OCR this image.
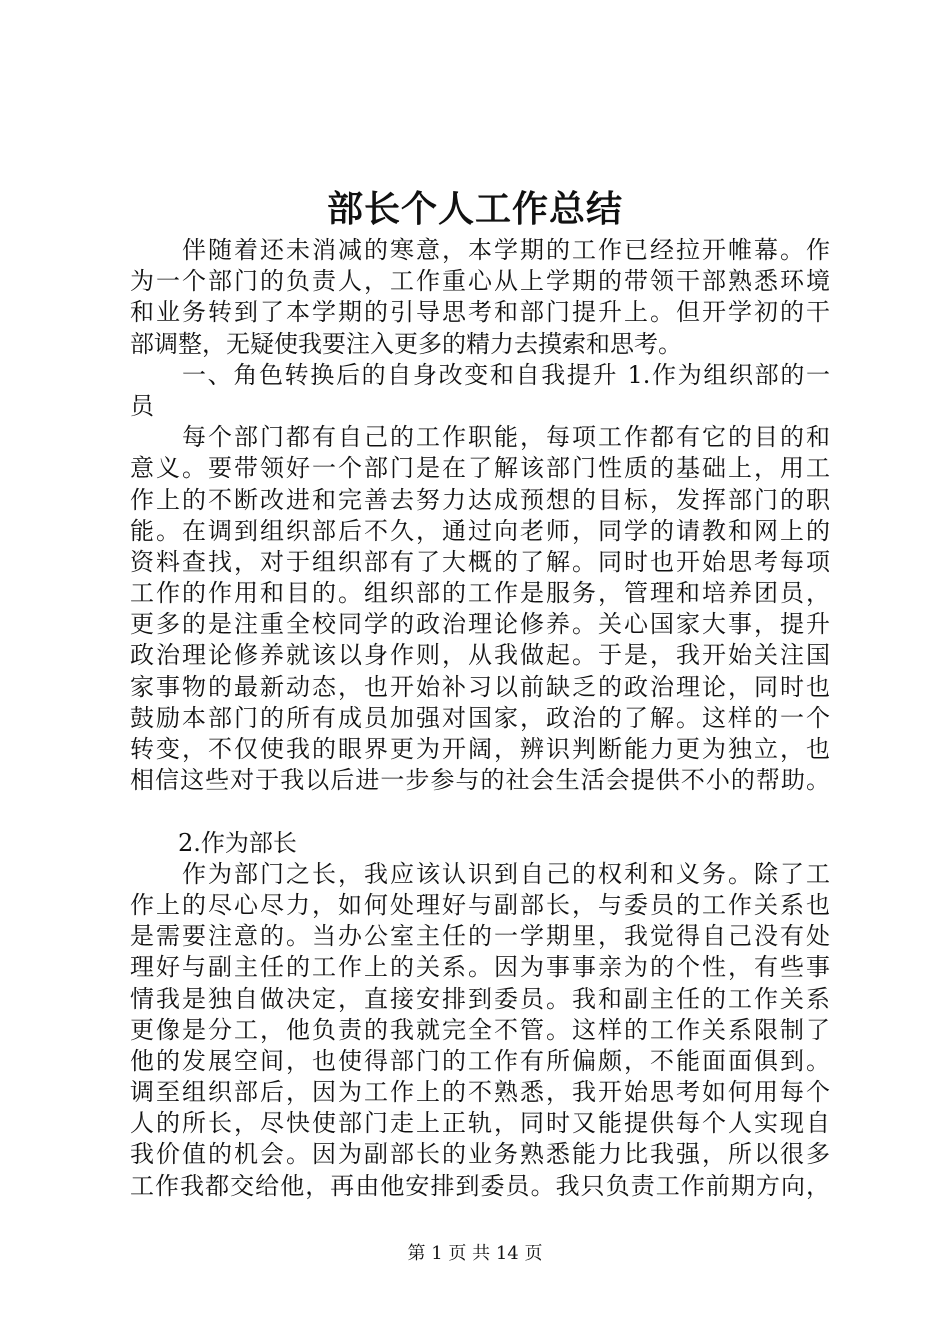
部长个人工作总结
伴随着还未消减的寒意，本学期的工作已经拉开帷幕。作
为一个部门的负责人，工作重心从上学期的带领干部熟悉环境
和业务转到了本学期的引导思考和部门提升上。但开学初的干
部调整，无疑使我要注入更多的精力去摸索和思考。
一、角色转换后的自身改变和自我提升 1.作为组织部的一
员
每个部门都有自己的工作职能，每项工作都有它的目的和
意义。要带领好一个部门是在了解该部门性质的基础上，用工
作上的不断改进和完善去努力达成预想的目标，发挥部门的职
能。在调到组织部后不久，通过向老师，同学的请教和网上的
资料查找，对于组织部有了大概的了解。同时也开始思考每项
工作的作用和目的。组织部的工作是服务，管理和培养团员，
更多的是注重全校同学的政治理论修养。关心国家大事，提升
政治理论修养就该以身作则，从我做起。于是，我开始关注国
家事物的最新动态，也开始补习以前缺乏的政治理论，同时也
鼓励本部门的所有成员加强对国家，政治的了解。这样的一个
转变，不仅使我的眼界更为开阔，辨识判断能力更为独立，也
相信这些对于我以后进一步参与的社会生活会提供不小的帮助。
2.作为部长
作为部门之长，我应该认识到自己的权利和义务。除了工
作上的尽心尽力，如何处理好与副部长，与委员的工作关系也
是需要注意的。当办公室主任的一学期里，我觉得自己没有处
理好与副主任的工作上的关系。因为事事亲为的个性，有些事
情我是独自做决定，直接安排到委员。我和副主任的工作关系
更像是分工，他负责的我就完全不管。这样的工作关系限制了
他的发展空间，也使得部门的工作有所偏颇，不能面面俱到。
调至组织部后，因为工作上的不熟悉，我开始思考如何用每个
人的所长，尽快使部门走上正轨，同时又能提供每个人实现自
我价值的机会。因为副部长的业务熟悉能力比我强，所以很多
工作我都交给他，再由他安排到委员。我只负责工作前期方向，
第 1 页 共 14 页
